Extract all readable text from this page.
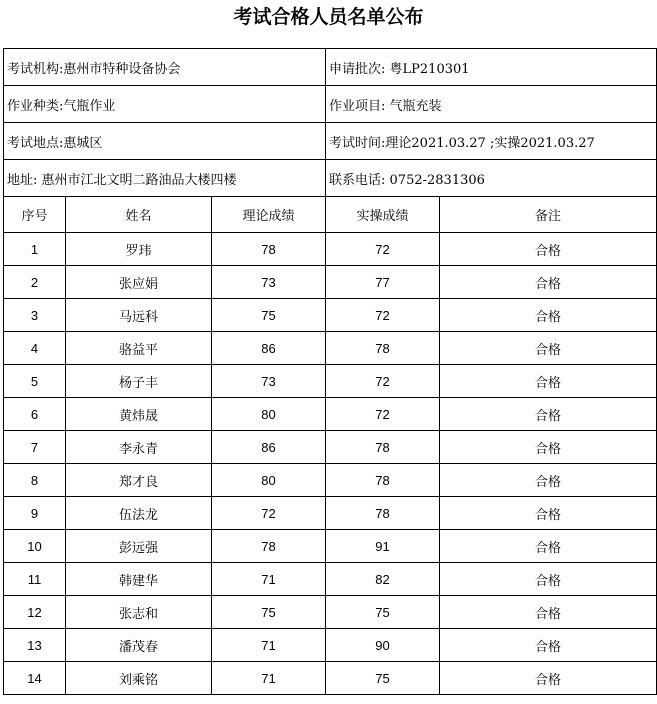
考试合格人员名单公布
考试机构:惠州市特种设备协会			申请批次: 粤LP210301	
作业种类:气瓶作业			作业项目: 气瓶充装	
考试地点:惠城区			考试时间:理论2021.03.27 ;实操2021.03.27	
地址: 惠州市江北文明二路油品大楼四楼			联系电话: 0752-2831306	
序号	姓名	理论成绩	实操成绩	备注
1	罗玮	78	72	合格
2	张应娟	73	77	合格
3	马远科	75	72	合格
4	骆益平	86	78	合格
5	杨子丰	73	72	合格
6	黄炜晟	80	72	合格
7	李永青	86	78	合格
8	郑才良	80	78	合格
9	伍法龙	72	78	合格
10	彭远强	78	91	合格
11	韩建华	71	82	合格
12	张志和	75	75	合格
13	潘茂春	71	90	合格
14	刘乘铭	71	75	合格
